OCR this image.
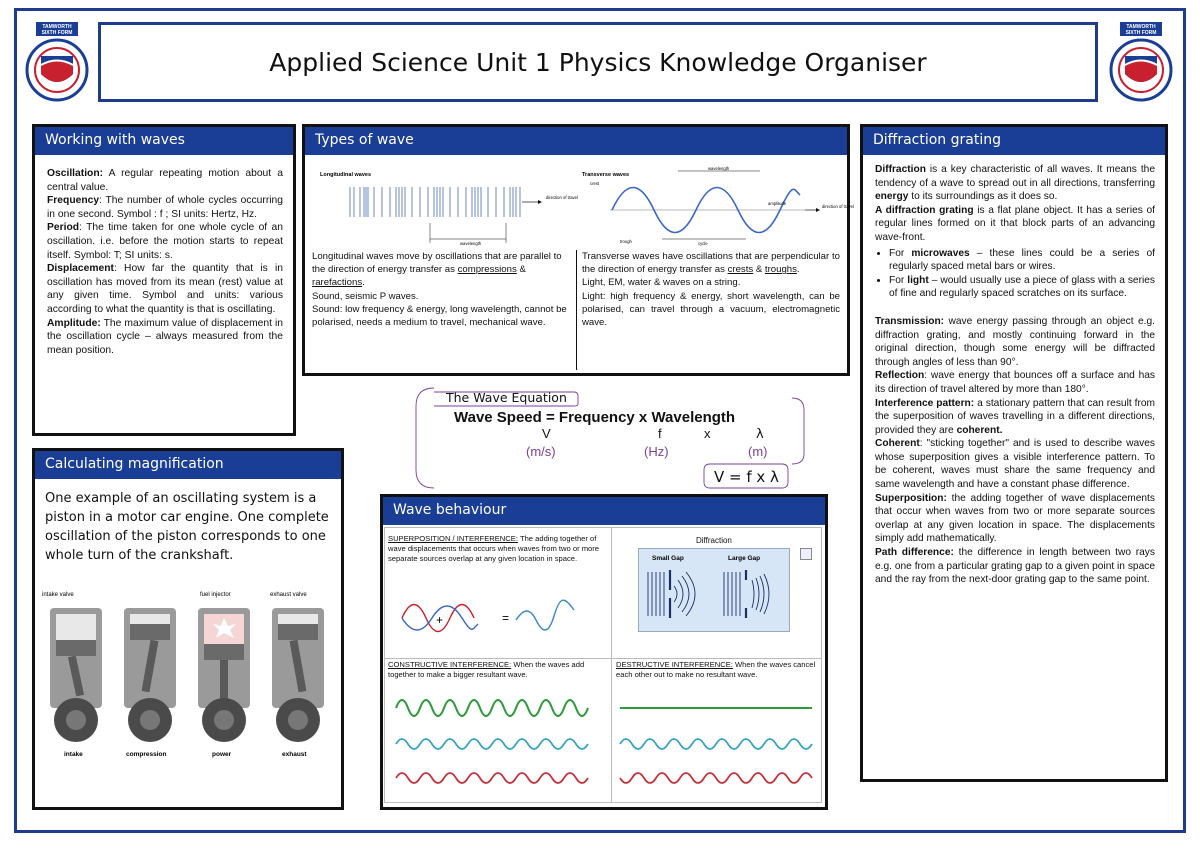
TAMWORTH
SIXTH FORM
TAMWORTH
SIXTH FORM
Applied Science Unit 1 Physics Knowledge Organiser
Working with waves

Oscillation: A regular repeating motion about a central value.

Frequency: The number of whole cycles occurring in one second. Symbol : f ; SI units: Hertz, Hz.

Period: The time taken for one whole cycle of an oscillation. i.e. before the motion starts to repeat itself. Symbol: T; SI units: s.

Displacement: How far the quantity that is in oscillation has moved from its mean (rest) value at any given time. Symbol and units: various according to what the quantity is that is oscillating.

Amplitude: The maximum value of displacement in the oscillation cycle – always measured from the mean position.

Types of wave
Longitudinal waves
direction of travel
wavelength
Transverse waves
crest
trough
wavelength
cycle
amplitude
direction of travel

Longitudinal waves move by oscillations that are parallel to the direction of energy transfer as compressions & rarefactions.

Sound, seismic P waves.

Sound: low frequency & energy, long wavelength, cannot be polarised, needs a medium to travel, mechanical wave.

Transverse waves have oscillations that are perpendicular to the direction of energy transfer as crests & troughs.

Light, EM, water & waves on a string.

Light: high frequency & energy, short wavelength, can be polarised, can travel through a vacuum, electromagnetic wave.

The Wave Equation
Wave Speed = Frequency x Wavelength
V	f	x	λ
(m/s)	(Hz)	(m)
V = f x λ
Calculating magnification
One example of an oscillating system is a piston in a motor car engine. One complete oscillation of the piston corresponds to one whole turn of the crankshaft.
intake valve	fuel injector	exhaust valve
intake	compression	power	exhaust
Wave behaviour
SUPERPOSITION / INTERFERENCE: The adding together of wave displacements that occurs when waves from two or more separate sources overlap at any given location in space.
+	=
Diffraction
Small Gap	Large Gap
CONSTRUCTIVE INTERFERENCE: When the waves add together to make a bigger resultant wave.
DESTRUCTIVE INTERFERENCE: When the waves cancel each other out to make no resultant wave.
Diffraction grating

Diffraction is a key characteristic of all waves. It means the tendency of a wave to spread out in all directions, transferring energy to its surroundings as it does so.

A diffraction grating is a flat plane object. It has a series of regular lines formed on it that block parts of an advancing wave-front.

• For microwaves – these lines could be a series of regularly spaced metal bars or wires.
• For light – would usually use a piece of glass with a series of fine and regularly spaced scratches on its surface.

Transmission: wave energy passing through an object e.g. diffraction grating, and mostly continuing forward in the original direction, though some energy will be diffracted through angles of less than 90°.

Reflection: wave energy that bounces off a surface and has its direction of travel altered by more than 180°.

Interference pattern: a stationary pattern that can result from the superposition of waves travelling in a different directions, provided they are coherent.

Coherent: "sticking together" and is used to describe waves whose superposition gives a visible interference pattern. To be coherent, waves must share the same frequency and same wavelength and have a constant phase difference.

Superposition: the adding together of wave displacements that occur when waves from two or more separate sources overlap at any given location in space. The displacements simply add mathematically.

Path difference: the difference in length between two rays e.g. one from a particular grating gap to a given point in space and the ray from the next-door grating gap to the same point.
